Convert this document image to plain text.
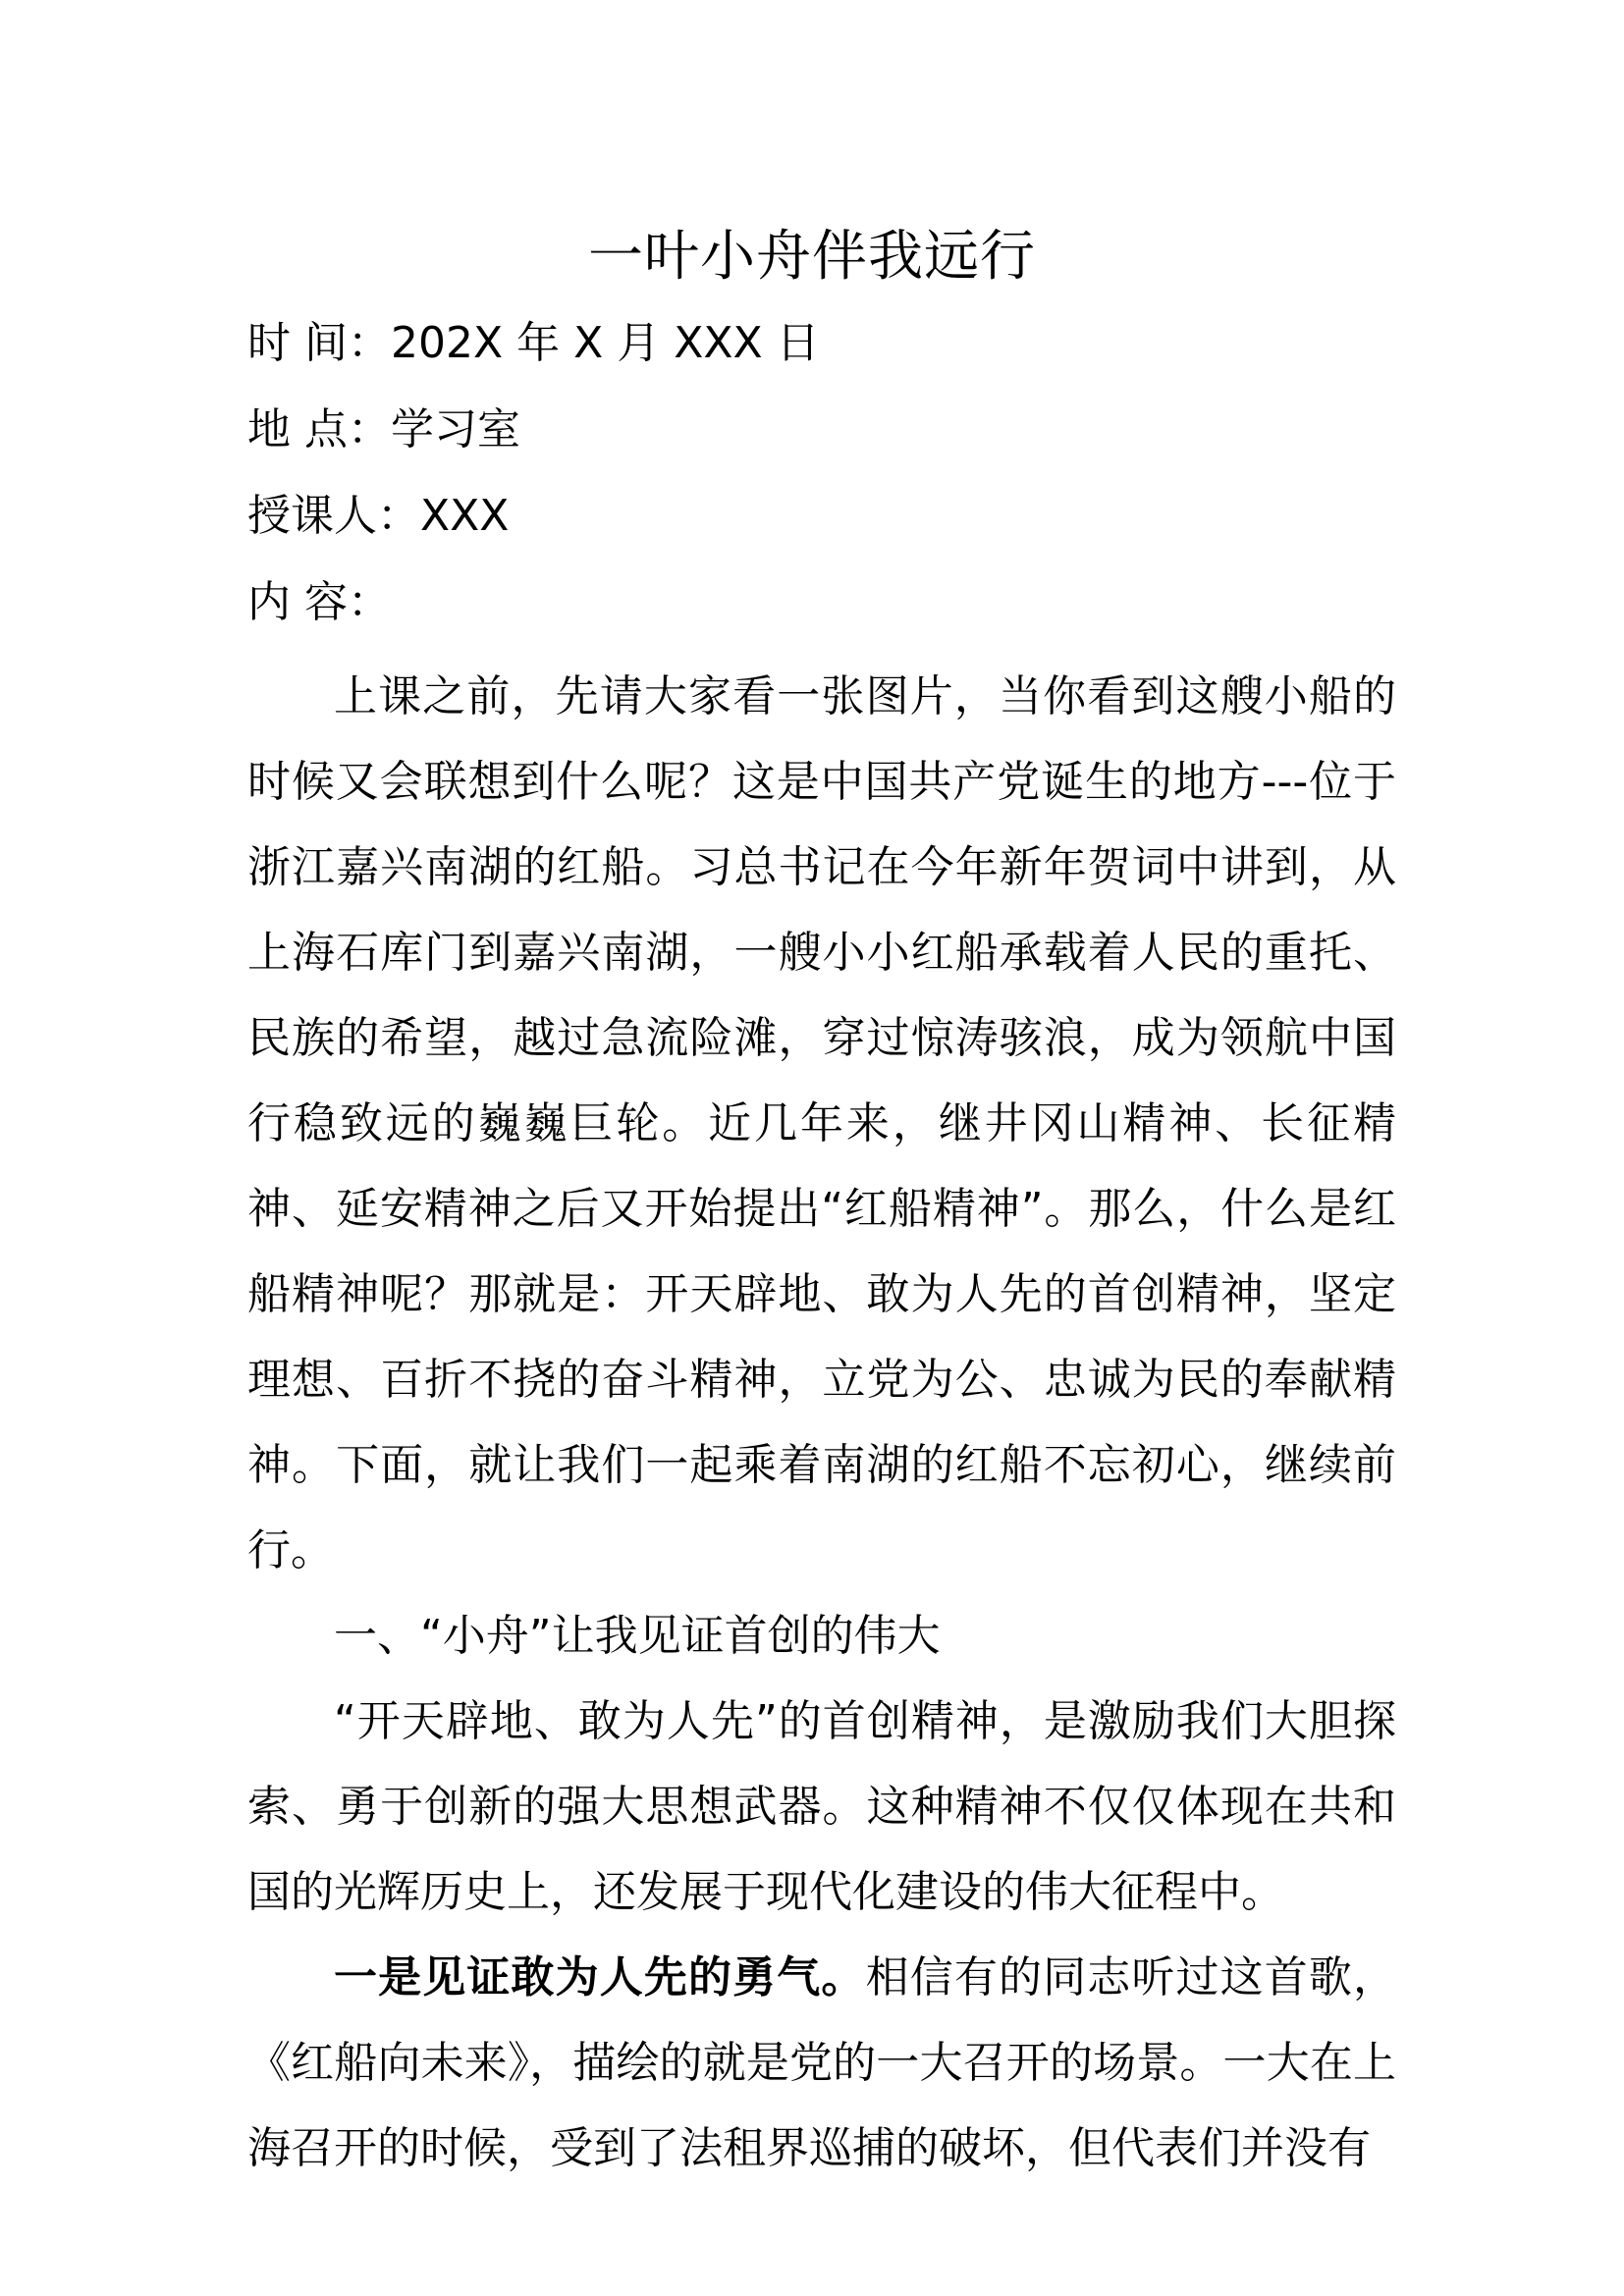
一叶小舟伴我远行
时 间：202X 年 X 月 XXX 日
地 点：学习室
授课人：XXX
内 容：

上课之前，先请大家看一张图片，当你看到这艘小船的时候又会联想到什么呢？这是中国共产党诞生的地方---位于浙江嘉兴南湖的红船。习总书记在今年新年贺词中讲到，从上海石库门到嘉兴南湖，一艘小小红船承载着人民的重托、民族的希望，越过急流险滩，穿过惊涛骇浪，成为领航中国行稳致远的巍巍巨轮。近几年来，继井冈山精神、长征精神、延安精神之后又开始提出“红船精神”。那么，什么是红船精神呢？那就是：开天辟地、敢为人先的首创精神，坚定理想、百折不挠的奋斗精神，立党为公、忠诚为民的奉献精神。下面，就让我们一起乘着南湖的红船不忘初心，继续前行。

一、“小舟”让我见证首创的伟大

“开天辟地、敢为人先”的首创精神，是激励我们大胆探索、勇于创新的强大思想武器。这种精神不仅仅体现在共和国的光辉历史上，还发展于现代化建设的伟大征程中。

一是见证敢为人先的勇气。相信有的同志听过这首歌，《红船向未来》，描绘的就是党的一大召开的场景。一大在上海召开的时候，受到了法租界巡捕的破坏，但代表们并没有
